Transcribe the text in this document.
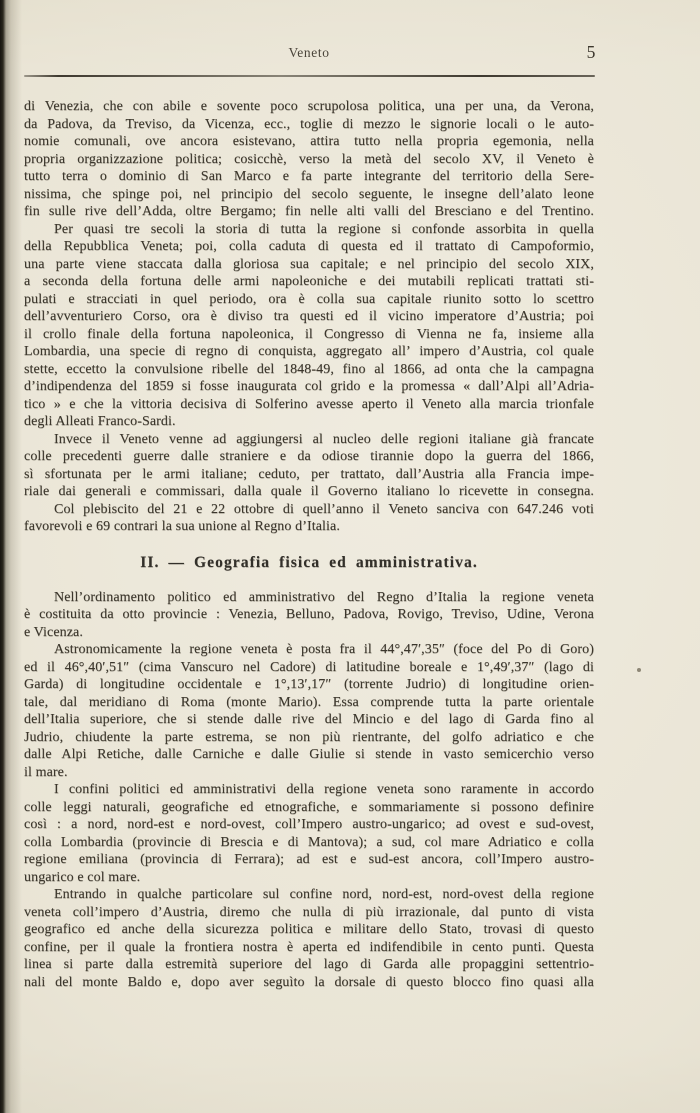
Veneto	5
di Venezia, che con abile e sovente poco scrupolosa politica, una per una, da Verona,
da Padova, da Treviso, da Vicenza, ecc., toglie di mezzo le signorie locali o le auto-
nomie comunali, ove ancora esistevano, attira tutto nella propria egemonia, nella
propria organizzazione politica; cosicchè, verso la metà del secolo XV, il Veneto è
tutto terra o dominio di San Marco e fa parte integrante del territorio della Sere-
nissima, che spinge poi, nel principio del secolo seguente, le insegne dell’alato leone
fin sulle rive dell’Adda, oltre Bergamo; fin nelle alti valli del Bresciano e del Trentino.
Per quasi tre secoli la storia di tutta la regione si confonde assorbita in quella
della Repubblica Veneta; poi, colla caduta di questa ed il trattato di Campoformio,
una parte viene staccata dalla gloriosa sua capitale; e nel principio del secolo XIX,
a seconda della fortuna delle armi napoleoniche e dei mutabili replicati trattati sti-
pulati e stracciati in quel periodo, ora è colla sua capitale riunito sotto lo scettro
dell’avventuriero Corso, ora è diviso tra questi ed il vicino imperatore d’Austria; poi
il crollo finale della fortuna napoleonica, il Congresso di Vienna ne fa, insieme alla
Lombardia, una specie di regno di conquista, aggregato all’ impero d’Austria, col quale
stette, eccetto la convulsione ribelle del 1848-49, fino al 1866, ad onta che la campagna
d’indipendenza del 1859 si fosse inaugurata col grido e la promessa « dall’Alpi all’Adria-
tico » e che la vittoria decisiva di Solferino avesse aperto il Veneto alla marcia trionfale
degli Alleati Franco-Sardi.
Invece il Veneto venne ad aggiungersi al nucleo delle regioni italiane già francate
colle precedenti guerre dalle straniere e da odiose tirannie dopo la guerra del 1866,
sì sfortunata per le armi italiane; ceduto, per trattato, dall’Austria alla Francia impe-
riale dai generali e commissari, dalla quale il Governo italiano lo ricevette in consegna.
Col plebiscito del 21 e 22 ottobre di quell’anno il Veneto sanciva con 647.246 voti
favorevoli e 69 contrari la sua unione al Regno d’Italia.
II. — Geografia fisica ed amministrativa.
Nell’ordinamento politico ed amministrativo del Regno d’Italia la regione veneta
è costituita da otto provincie : Venezia, Belluno, Padova, Rovigo, Treviso, Udine, Verona
e Vicenza.
Astronomicamente la regione veneta è posta fra il 44°,47′,35″ (foce del Po di Goro)
ed il 46°,40′,51″ (cima Vanscuro nel Cadore) di latitudine boreale e 1°,49′,37″ (lago di
Garda) di longitudine occidentale e 1°,13′,17″ (torrente Judrio) di longitudine orien-
tale, dal meridiano di Roma (monte Mario). Essa comprende tutta la parte orientale
dell’Italia superiore, che si stende dalle rive del Mincio e del lago di Garda fino al
Judrio, chiudente la parte estrema, se non più rientrante, del golfo adriatico e che
dalle Alpi Retiche, dalle Carniche e dalle Giulie si stende in vasto semicerchio verso
il mare.
I confini politici ed amministrativi della regione veneta sono raramente in accordo
colle leggi naturali, geografiche ed etnografiche, e sommariamente si possono definire
così : a nord, nord-est e nord-ovest, coll’Impero austro-ungarico; ad ovest e sud-ovest,
colla Lombardia (provincie di Brescia e di Mantova); a sud, col mare Adriatico e colla
regione emiliana (provincia di Ferrara); ad est e sud-est ancora, coll’Impero austro-
ungarico e col mare.
Entrando in qualche particolare sul confine nord, nord-est, nord-ovest della regione
veneta coll’impero d’Austria, diremo che nulla di più irrazionale, dal punto di vista
geografico ed anche della sicurezza politica e militare dello Stato, trovasi di questo
confine, per il quale la frontiera nostra è aperta ed indifendibile in cento punti. Questa
linea si parte dalla estremità superiore del lago di Garda alle propaggini settentrio-
nali del monte Baldo e, dopo aver seguìto la dorsale di questo blocco fino quasi alla
